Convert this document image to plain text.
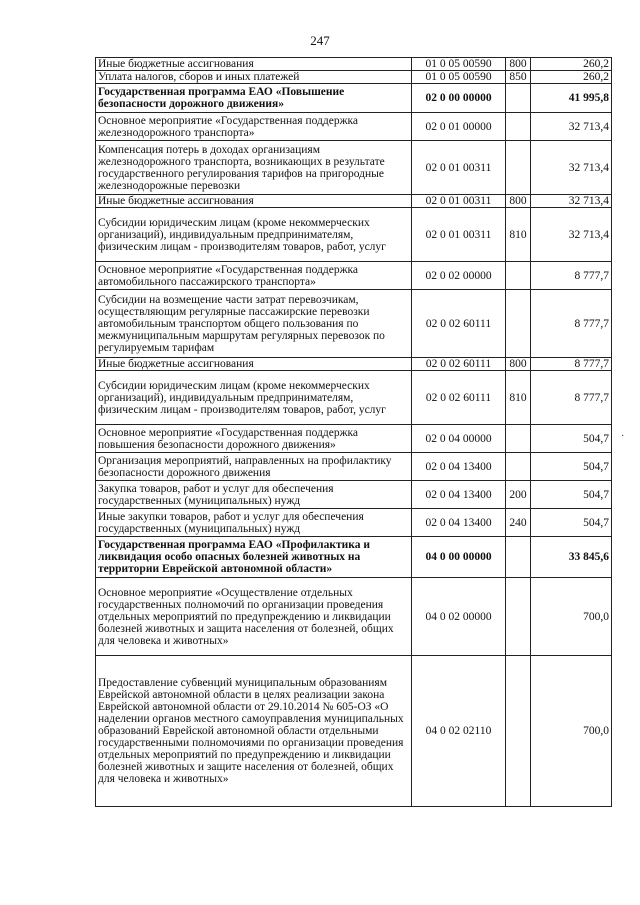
247
Иные бюджетные ассигнования	01 0 05 00590	800	260,2
Уплата налогов, сборов и иных платежей	01 0 05 00590	850	260,2
Государственная программа ЕАО «Повышение безопасности дорожного движения»	02 0 00 00000		41 995,8
Основное мероприятие «Государственная поддержка железнодорожного транспорта»	02 0 01 00000		32 713,4
Компенсация потерь в доходах организациям железнодорожного транспорта, возникающих в результате государственного регулирования тарифов на пригородные железнодорожные перевозки	02 0 01 00311		32 713,4
Иные бюджетные ассигнования	02 0 01 00311	800	32 713,4
Субсидии юридическим лицам (кроме некоммерческих организаций), индивидуальным предпринимателям, физическим лицам - производителям товаров, работ, услуг	02 0 01 00311	810	32 713,4
Основное мероприятие «Государственная поддержка автомобильного пассажирского транспорта»	02 0 02 00000		8 777,7
Субсидии на возмещение части затрат перевозчикам, осуществляющим регулярные пассажирские перевозки автомобильным транспортом общего пользования по межмуниципальным маршрутам регулярных перевозок по регулируемым тарифам	02 0 02 60111		8 777,7
Иные бюджетные ассигнования	02 0 02 60111	800	8 777,7
Субсидии юридическим лицам (кроме некоммерческих организаций), индивидуальным предпринимателям, физическим лицам - производителям товаров, работ, услуг	02 0 02 60111	810	8 777,7
Основное мероприятие «Государственная поддержка повышения безопасности дорожного движения»	02 0 04 00000		504,7
Организация мероприятий, направленных на профилактику безопасности дорожного движения	02 0 04 13400		504,7
Закупка товаров, работ и услуг для обеспечения государственных (муниципальных) нужд	02 0 04 13400	200	504,7
Иные закупки товаров, работ и услуг для обеспечения государственных (муниципальных) нужд	02 0 04 13400	240	504,7
Государственная программа ЕАО «Профилактика и ликвидация особо опасных болезней животных на территории Еврейской автономной области»	04 0 00 00000		33 845,6
Основное мероприятие «Осуществление отдельных государственных полномочий по организации проведения отдельных мероприятий по предупреждению и ликвидации болезней животных и защита населения от болезней, общих для человека и животных»	04 0 02 00000		700,0
Предоставление субвенций муниципальным образованиям Еврейской автономной области в целях реализации закона Еврейской автономной области от 29.10.2014 № 605-ОЗ «О наделении органов местного самоуправления муниципальных образований Еврейской автономной области отдельными государственными полномочиями по организации проведения отдельных мероприятий по предупреждению и ликвидации болезней животных и защите населения от болезней, общих для человека и животных»	04 0 02 02110		700,0
·
